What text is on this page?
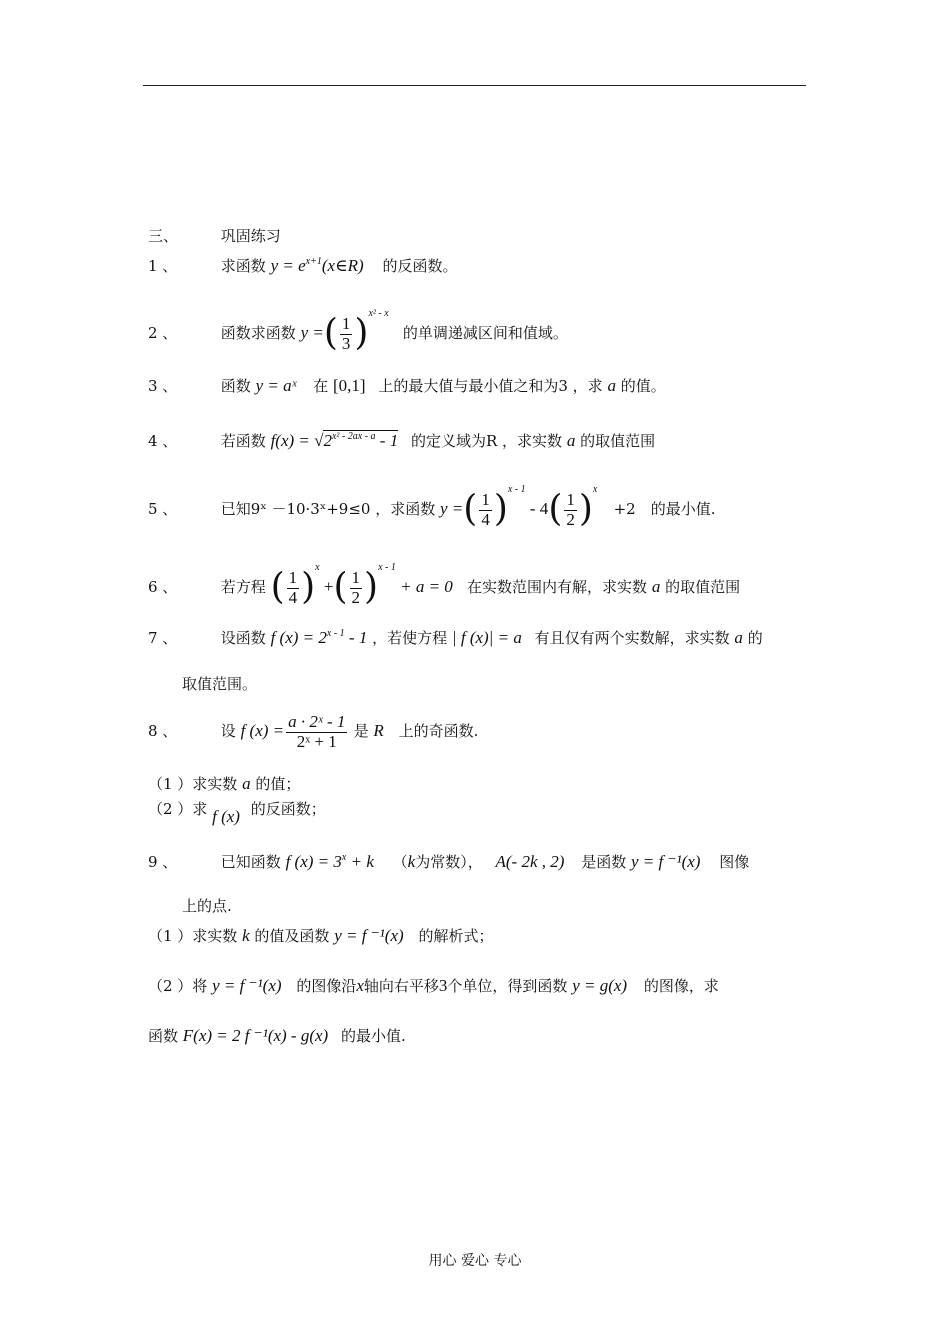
三、	巩固练习
1 、	求函数 $y = e^{x+1}(x\in R)$ 的反函数。
2 、	函数求函数 y =( $\frac{1}{3} )^{x^2 - x}$ 的单调递减区间和值域。
3 、	函数 y = aˣ 在 [0,1] 上的最大值与最小值之和为3 ，求 a 的值。
4 、	若函数 $f(x) = √2^{x^2 - 2ax - a} - 1$ 的定义域为R ，求实数 a 的取值范围
5 、	已知9ˣ －10·3ˣ+9≤0 ，求函数 y =( $\frac{1}{4} )^{x - 1} - 4( \frac{1}{2} )^x +2$　的最小值.
6 、	若方程 ( $\frac{1}{4} )^x$ +( $\frac{1}{2} )^{x - 1} + a = 0$ 在实数范围内有解，求实数 a 的取值范围
7 、	设函数 f $(x) = 2^{x - 1} - 1$ ，若使方程 | f (x)| = a 有且仅有两个实数解，求实数 a 的
取值范围。
8 、	设 f $(x) = \frac{\text{a · 2ˣ - 1}}{\text{2ˣ + 1}}$ 是 R 上的奇函数.
（1 ）求实数 a 的值；
（2 ）求 f (x) 的反函数；
9 、	已知函数 f $(x) = 3^x + k$ （k为常数）， A(- 2k , 2) 是函数 y = f ⁻¹(x) 图像
上的点.
（1 ）求实数 k 的值及函数 y = f ⁻¹(x) 的解析式；
（2 ）将 y = f ⁻¹(x) 的图像沿x轴向右平移3个单位，得到函数 y = g(x) 的图像，求
函数 F(x) = 2 f ⁻¹(x) - g(x) 的最小值.
用心 爱心 专心
